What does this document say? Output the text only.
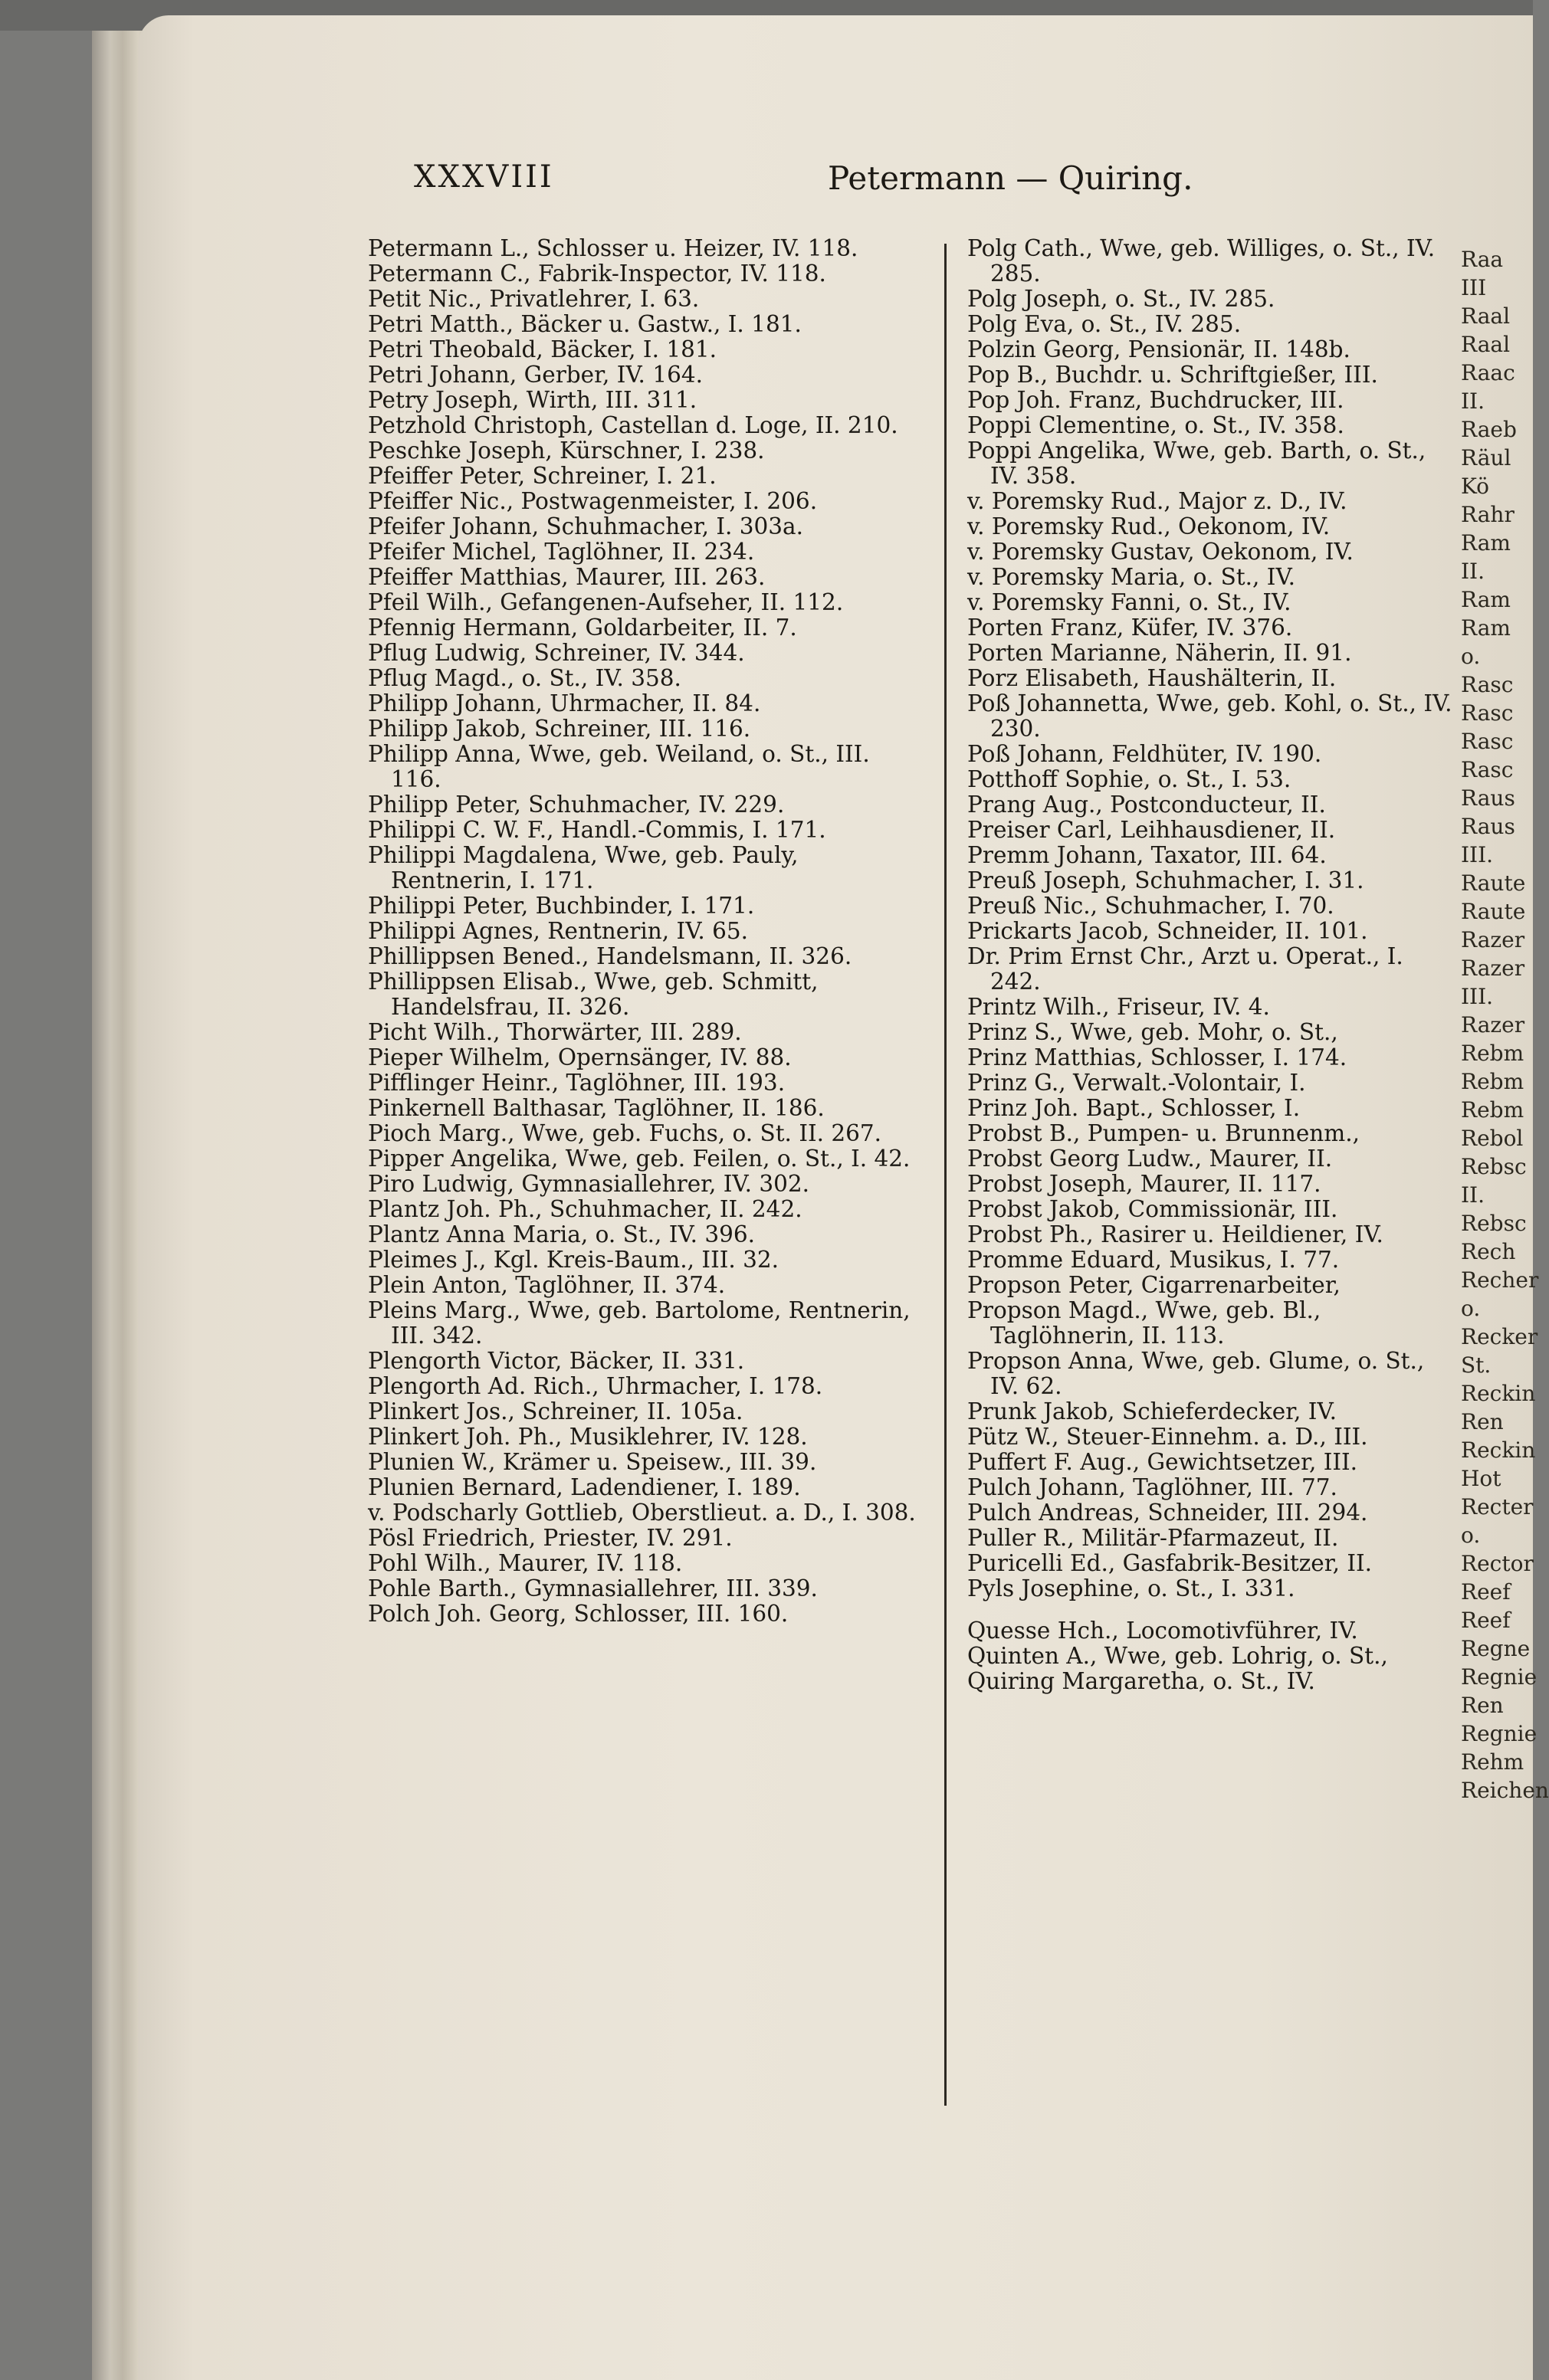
XXXVIII	Petermann — Quiring.
Petermann L., Schlosser u. Heizer, IV. 118.
Petermann C., Fabrik-Inspector, IV. 118.
Petit Nic., Privatlehrer, I. 63.
Petri Matth., Bäcker u. Gastw., I. 181.
Petri Theobald, Bäcker, I. 181.
Petri Johann, Gerber, IV. 164.
Petry Joseph, Wirth, III. 311.
Petzhold Christoph, Castellan d. Loge, II. 210.
Peschke Joseph, Kürschner, I. 238.
Pfeiffer Peter, Schreiner, I. 21.
Pfeiffer Nic., Postwagenmeister, I. 206.
Pfeifer Johann, Schuhmacher, I. 303a.
Pfeifer Michel, Taglöhner, II. 234.
Pfeiffer Matthias, Maurer, III. 263.
Pfeil Wilh., Gefangenen-Aufseher, II. 112.
Pfennig Hermann, Goldarbeiter, II. 7.
Pflug Ludwig, Schreiner, IV. 344.
Pflug Magd., o. St., IV. 358.
Philipp Johann, Uhrmacher, II. 84.
Philipp Jakob, Schreiner, III. 116.
Philipp Anna, Wwe, geb. Weiland, o. St., III. 116.
Philipp Peter, Schuhmacher, IV. 229.
Philippi C. W. F., Handl.-Commis, I. 171.
Philippi Magdalena, Wwe, geb. Pauly, Rentnerin, I. 171.
Philippi Peter, Buchbinder, I. 171.
Philippi Agnes, Rentnerin, IV. 65.
Phillippsen Bened., Handelsmann, II. 326.
Phillippsen Elisab., Wwe, geb. Schmitt, Handelsfrau, II. 326.
Picht Wilh., Thorwärter, III. 289.
Pieper Wilhelm, Opernsänger, IV. 88.
Pifflinger Heinr., Taglöhner, III. 193.
Pinkernell Balthasar, Taglöhner, II. 186.
Pioch Marg., Wwe, geb. Fuchs, o. St. II. 267.
Pipper Angelika, Wwe, geb. Feilen, o. St., I. 42.
Piro Ludwig, Gymnasiallehrer, IV. 302.
Plantz Joh. Ph., Schuhmacher, II. 242.
Plantz Anna Maria, o. St., IV. 396.
Pleimes J., Kgl. Kreis-Baum., III. 32.
Plein Anton, Taglöhner, II. 374.
Pleins Marg., Wwe, geb. Bartolome, Rentnerin, III. 342.
Plengorth Victor, Bäcker, II. 331.
Plengorth Ad. Rich., Uhrmacher, I. 178.
Plinkert Jos., Schreiner, II. 105a.
Plinkert Joh. Ph., Musiklehrer, IV. 128.
Plunien W., Krämer u. Speisew., III. 39.
Plunien Bernard, Ladendiener, I. 189.
v. Podscharly Gottlieb, Oberstlieut. a. D., I. 308.
Pösl Friedrich, Priester, IV. 291.
Pohl Wilh., Maurer, IV. 118.
Pohle Barth., Gymnasiallehrer, III. 339.
Polch Joh. Georg, Schlosser, III. 160.
Polg Cath., Wwe, geb. Williges, o. St., IV. 285.
Polg Joseph, o. St., IV. 285.
Polg Eva, o. St., IV. 285.
Polzin Georg, Pensionär, II. 148b.
Pop B., Buchdr. u. Schriftgießer, III.
Pop Joh. Franz, Buchdrucker, III.
Poppi Clementine, o. St., IV. 358.
Poppi Angelika, Wwe, geb. Barth, o. St., IV. 358.
v. Poremsky Rud., Major z. D., IV.
v. Poremsky Rud., Oekonom, IV.
v. Poremsky Gustav, Oekonom, IV.
v. Poremsky Maria, o. St., IV.
v. Poremsky Fanni, o. St., IV.
Porten Franz, Küfer, IV. 376.
Porten Marianne, Näherin, II. 91.
Porz Elisabeth, Haushälterin, II.
Poß Johannetta, Wwe, geb. Kohl, o. St., IV. 230.
Poß Johann, Feldhüter, IV. 190.
Potthoff Sophie, o. St., I. 53.
Prang Aug., Postconducteur, II.
Preiser Carl, Leihhausdiener, II.
Premm Johann, Taxator, III. 64.
Preuß Joseph, Schuhmacher, I. 31.
Preuß Nic., Schuhmacher, I. 70.
Prickarts Jacob, Schneider, II. 101.
Dr. Prim Ernst Chr., Arzt u. Operat., I. 242.
Printz Wilh., Friseur, IV. 4.
Prinz S., Wwe, geb. Mohr, o. St.,
Prinz Matthias, Schlosser, I. 174.
Prinz G., Verwalt.-Volontair, I.
Prinz Joh. Bapt., Schlosser, I.
Probst B., Pumpen- u. Brunnenm.,
Probst Georg Ludw., Maurer, II.
Probst Joseph, Maurer, II. 117.
Probst Jakob, Commissionär, III.
Probst Ph., Rasirer u. Heildiener, IV.
Promme Eduard, Musikus, I. 77.
Propson Peter, Cigarrenarbeiter,
Propson Magd., Wwe, geb. Bl., Taglöhnerin, II. 113.
Propson Anna, Wwe, geb. Glume, o. St., IV. 62.
Prunk Jakob, Schieferdecker, IV.
Pütz W., Steuer-Einnehm. a. D., III.
Puffert F. Aug., Gewichtsetzer, III.
Pulch Johann, Taglöhner, III. 77.
Pulch Andreas, Schneider, III. 294.
Puller R., Militär-Pfarmazeut, II.
Puricelli Ed., Gasfabrik-Besitzer, II.
Pyls Josephine, o. St., I. 331.
Quesse Hch., Locomotivführer, IV.
Quinten A., Wwe, geb. Lohrig, o. St.,
Quiring Margaretha, o. St., IV.
Raa
III
Raal
Raal
Raac
II.
Raeb
Räul
Kö
Rahr
Ram
II.
Ram
Ram
o.
Rasc
Rasc
Rasc
Rasc
Raus
Raus
III.
Raute
Raute
Razer
Razer
III.
Razer
Rebm
Rebm
Rebm
Rebol
Rebsc
II.
Rebsc
Rech
Recher
o.
Recker
St.
Reckin
Ren
Reckin
Hot
Recter
o.
Rector
Reef
Reef
Regne
Regnie
Ren
Regnie
Rehm
Reichen
